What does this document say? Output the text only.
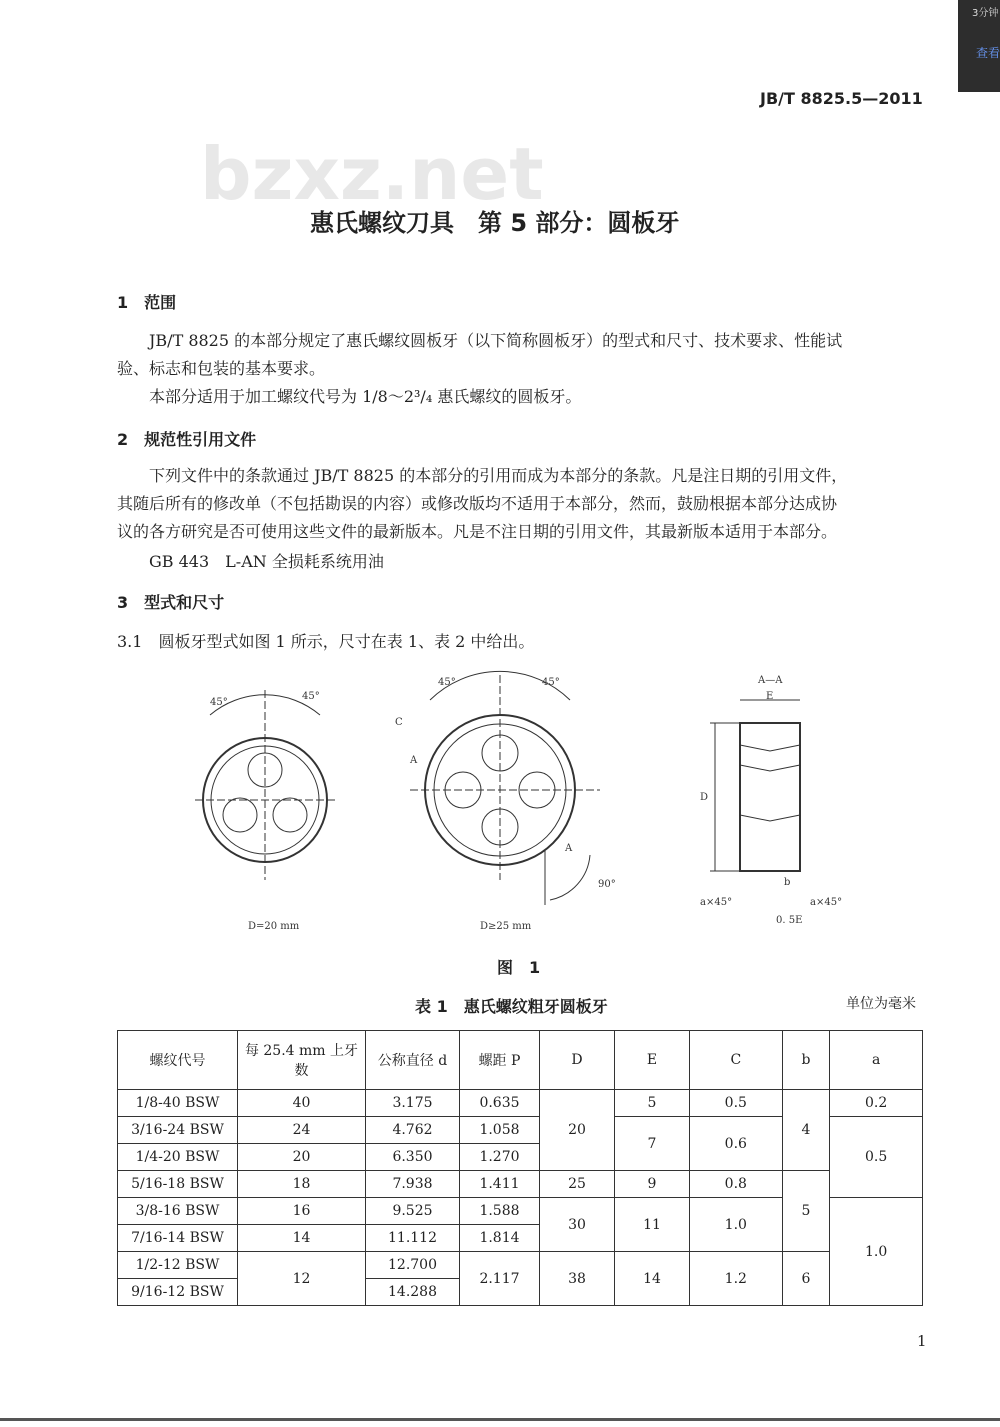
3分钟
查看
JB/T 8825.5—2011
bzxz.net
惠氏螺纹刀具　第 5 部分：圆板牙
1　范围
JB/T 8825 的本部分规定了惠氏螺纹圆板牙（以下简称圆板牙）的型式和尺寸、技术要求、性能试
验、标志和包装的基本要求。
本部分适用于加工螺纹代号为 1/8～2³/₄ 惠氏螺纹的圆板牙。
2　规范性引用文件
下列文件中的条款通过 JB/T 8825 的本部分的引用而成为本部分的条款。凡是注日期的引用文件，
其随后所有的修改单（不包括勘误的内容）或修改版均不适用于本部分，然而，鼓励根据本部分达成协
议的各方研究是否可使用这些文件的最新版本。凡是不注日期的引用文件，其最新版本适用于本部分。
GB 443　L-AN 全损耗系统用油
3　型式和尺寸
3.1　圆板牙型式如图 1 所示，尺寸在表 1、表 2 中给出。
45°
45°
45°	45°
C
A
A
90°
A—A
E
D
b
a×45°	a×45°
0. 5E
D=20 mm	D≥25 mm
图　1
表 1　惠氏螺纹粗牙圆板牙	单位为毫米
螺纹代号	每 25.4 mm 上牙数	公称直径 d	螺距 P	D	E	C	b	a
1/8-40 BSW	40	3.175	0.635	20	5	0.5	4	0.2
3/16-24 BSW	24	4.762	1.058		7	0.6		0.5
1/4-20 BSW	20	6.350	1.270					
5/16-18 BSW	18	7.938	1.411	25	9	0.8	5	
3/8-16 BSW	16	9.525	1.588	30	11	1.0		1.0
7/16-14 BSW	14	11.112	1.814					
1/2-12 BSW	12	12.700	2.117	38	14	1.2	6	
9/16-12 BSW		14.288						
1
